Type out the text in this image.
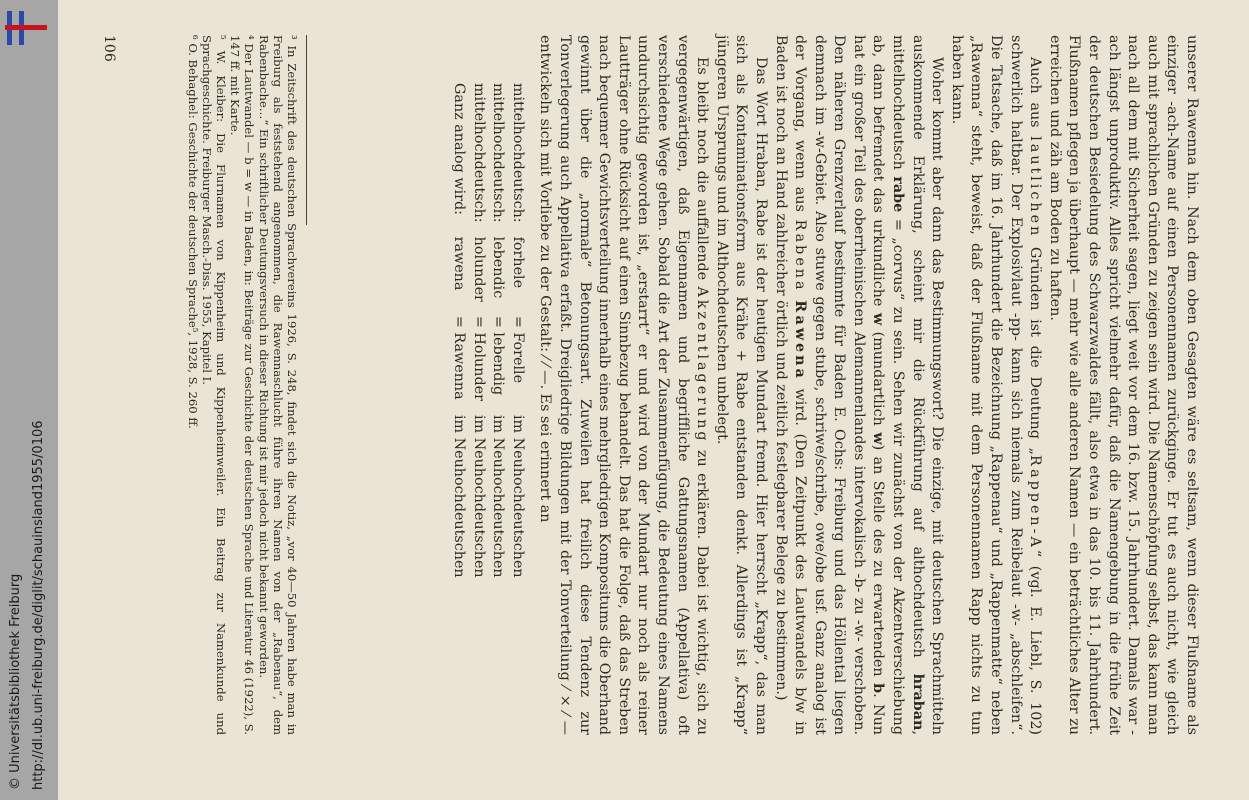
http://dl.ub.uni-freiburg.de/diglit/schauinsland1955/0106
© Universitätsbibliothek Freiburg	unserer Rawenna hin. Nach dem oben Gesagten wäre es seltsam, wenn dieser Flußname als einziger -ach-Name auf einen Personennamen zurückginge. Er tut es auch nicht, wie gleich auch mit sprachlichen Gründen zu zeigen sein wird. Die Namenschöpfung selbst, das kann man nach all dem mit Sicherheit sagen, liegt weit vor dem 16. bzw. 15. Jahrhundert. Damals war -ach längst unproduktiv. Alles spricht vielmehr dafür, daß die Namengebung in die frühe Zeit der deutschen Besiedelung des Schwarzwaldes fällt, also etwa in das 10. bis 11. Jahrhundert. Flußnamen pflegen ja überhaupt — mehr wie alle anderen Namen — ein beträchtliches Alter zu erreichen und zäh am Boden zu haften.

Auch aus lautlichen Gründen ist die Deutung „Rappen-A“ (vgl. E. Liebl, S. 102) schwerlich haltbar. Der Explosivlaut -pp- kann sich niemals zum Reibelaut -w- „abschleifen“. Die Tatsache, daß im 16. Jahrhundert die Bezeichnung „Rappenau“ und „Rappenmatte“ neben „Rawenna“ steht, beweist, daß der Flußname mit dem Personennamen Rapp nichts zu tun haben kann.

Woher kommt aber dann das Bestimmungswort? Die einzige, mit deutschen Sprachmitteln auskommende Erklärung, scheint mir die Rückführung auf althochdeutsch hraban, mittelhochdeutsch rabe = „corvus“ zu sein. Sehen wir zunächst von der Akzentverschiebung ab, dann befremdet das urkundliche w (mundartlich w) an Stelle des zu erwartenden b. Nun hat ein großer Teil des oberrheinischen Alemannenlandes intervokalisch -b- zu -w- verschoben. Den näheren Grenzverlauf bestimmte für Baden E. Ochs: Freiburg und das Höllental liegen demnach im -w-Gebiet. Also stuwe gegen stube, schriwe/schribe, owe/obe usf. Ganz analog ist der Vorgang, wenn aus Rabena Rawena wird. (Den Zeitpunkt des Lautwandels b/w in Baden ist noch an Hand zahlreicher örtlich und zeitlich festlegbarer Belege zu bestimmen.)

Das Wort Hraban, Rabe ist der heutigen Mundart fremd. Hier herrscht „Krapp“, das man sich als Kontaminationsform aus Krähe + Rabe entstanden denkt. Allerdings ist „Krapp“ jüngeren Ursprungs und im Althochdeutschen unbelegt.

Es bleibt noch die auffallende Akzentlagerung zu erklären. Dabei ist wichtig, sich zu vergegenwärtigen, daß Eigennamen und begriffliche Gattungsnamen (Appellativa) oft verschiedene Wege gehen. Sobald die Art der Zusammenfügung, die Bedeutung eines Namens undurchsichtig geworden ist, „erstarrt“ er und wird von der Mundart nur noch als reiner Lautträger ohne Rücksicht auf einen Sinnbezug behandelt. Das hat die Folge, daß das Streben nach bequemer Gewichtsverteilung innerhalb eines mehrgliedrigen Kompositums die Oberhand gewinnt über die „normale“ Betonungsart. Zuweilen hat freilich diese Tendenz zur Tonverlegerung auch Appellativa erfaßt. Dreigliedrige Bildungen mit der Tonverteilung ⁄ × ⁄ — entwickeln sich mit Vorliebe zu der Gestalt: ⁄ ⁄ —. Es sei erinnert an

mittelhochdeutsch:	forhele	= Forelle	im Neuhochdeutschen
mittelhochdeutsch:	lebendic	= lebendig	im Neuhochdeutschen
mittelhochdeutsch:	holunder	= Holunder	im Neuhochdeutschen
Ganz analog wird:	rawena	= Rawenna	im Neuhochdeutschen

³ In Zeitschrift des deutschen Sprachvereins 1926, S. 248, findet sich die Notiz, „vor 40—50 Jahren habe man in Freiburg als feststehend angenommen, die Rawennaschlucht führe ihren Namen von der „Rabenau“, dem Rabenbache…“ Ein schriftlicher Deutungsversuch in dieser Richtung ist mir jedoch nicht bekannt geworden.

⁴ Der Lautwandel — b = w — in Baden, in: Beiträge zur Geschichte der deutschen Sprache und Literatur 46 (1922), S. 147 ff. mit Karte.

⁵ W. Kleiber: Die Flurnamen von Kippenheim und Kippenheimweiler. Ein Beitrag zur Namenkunde und Sprachgeschichte. Freiburger Masch.-Diss. 1955, Kapitel I.

⁶ O. Behaghel: Geschichte der deutschen Sprache⁵, 1928, S. 260 ff.

106
